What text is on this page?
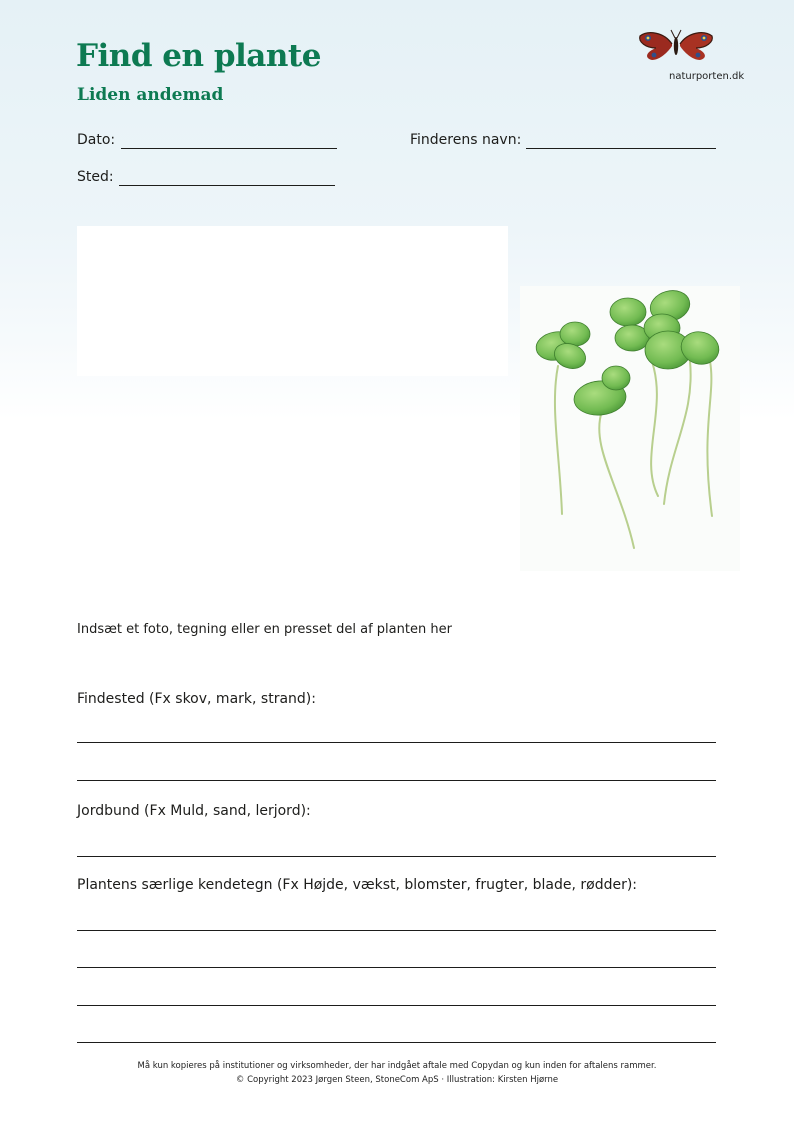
Find en plante
Liden andemad
naturporten.dk
Dato:	Finderens navn:
Sted:
Indsæt et foto, tegning eller en presset del af planten her
Findested (Fx skov, mark, strand):
Jordbund (Fx Muld, sand, lerjord):
Plantens særlige kendetegn (Fx Højde, vækst, blomster, frugter, blade, rødder):
Må kun kopieres på institutioner og virksomheder, der har indgået aftale med Copydan og kun inden for aftalens rammer.
© Copyright 2023 Jørgen Steen, StoneCom ApS · Illustration: Kirsten Hjørne
